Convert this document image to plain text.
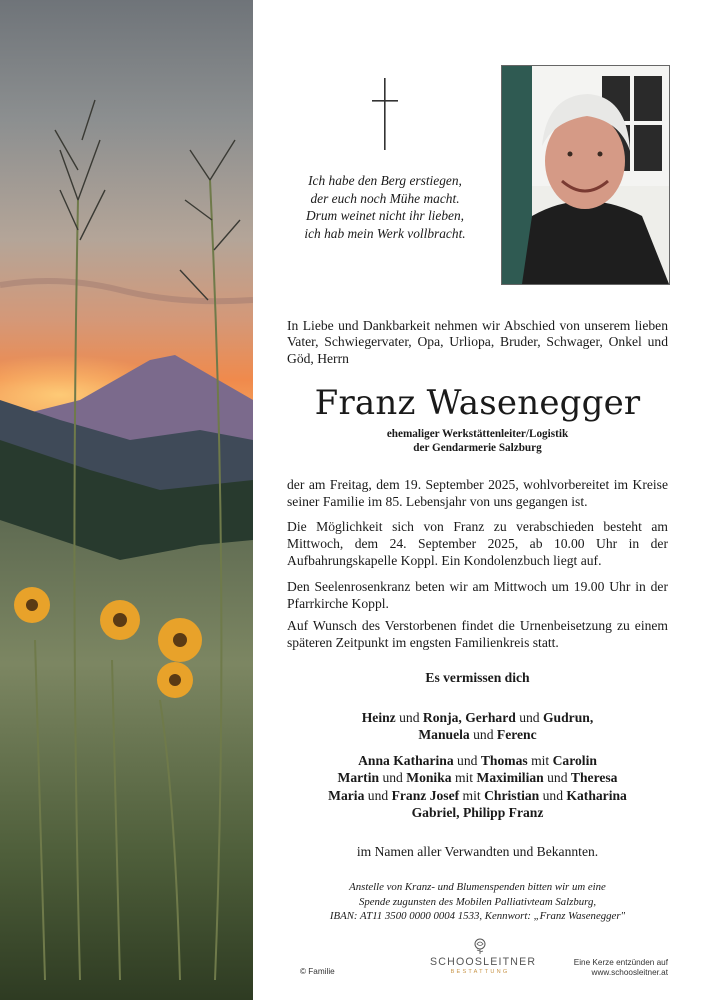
Ich habe den Berg erstiegen, der euch noch Mühe macht. Drum weinet nicht ihr lieben, ich hab mein Werk vollbracht.
In Liebe und Dankbarkeit nehmen wir Abschied von unserem lieben Vater, Schwiegervater, Opa, Urliopa, Bruder, Schwager, Onkel und Göd, Herrn
Franz Wasenegger
ehemaliger Werkstättenleiter/Logistik
der Gendarmerie Salzburg
der am Freitag, dem 19. September 2025, wohlvorbereitet im Kreise seiner Familie im 85. Lebensjahr von uns gegangen ist.
Die Möglichkeit sich von Franz zu verabschieden besteht am Mittwoch, dem 24. September 2025, ab 10.00 Uhr in der Aufbahrungskapelle Koppl. Ein Kondolenzbuch liegt auf.
Den Seelenrosenkranz beten wir am Mittwoch um 19.00 Uhr in der Pfarrkirche Koppl.
Auf Wunsch des Verstorbenen findet die Urnenbeisetzung zu einem späteren Zeitpunkt im engsten Familienkreis statt.
Es vermissen dich
Heinz und Ronja, Gerhard und Gudrun,
Manuela und Ferenc
Anna Katharina und Thomas mit Carolin
Martin und Monika mit Maximilian und Theresa
Maria und Franz Josef mit Christian und Katharina
Gabriel, Philipp Franz
im Namen aller Verwandten und Bekannten.
Anstelle von Kranz- und Blumenspenden bitten wir um eine
Spende zugunsten des Mobilen Palliativteam Salzburg,
IBAN: AT11 3500 0000 0004 1533, Kennwort: „Franz Wasenegger"
© Familie
SCHOOSLEITNER
BESTATTUNG
Eine Kerze entzünden auf
www.schoosleitner.at
